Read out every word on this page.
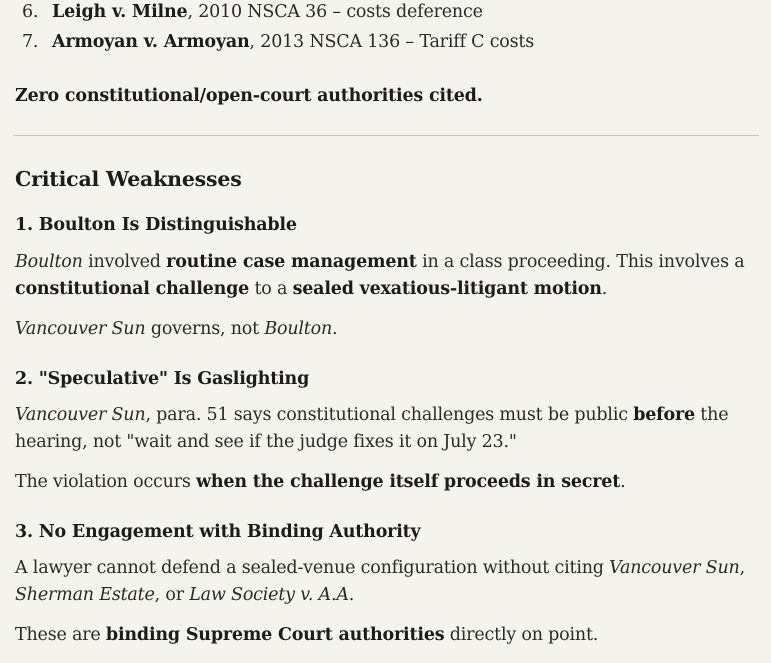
6. Leigh v. Milne, 2010 NSCA 36 – costs deference
7. Armoyan v. Armoyan, 2013 NSCA 136 – Tariff C costs
Zero constitutional/open-court authorities cited.
Critical Weaknesses
1. Boulton Is Distinguishable
Boulton involved routine case management in a class proceeding. This involves a
constitutional challenge to a sealed vexatious-litigant motion.
Vancouver Sun governs, not Boulton.
2. "Speculative" Is Gaslighting
Vancouver Sun, para. 51 says constitutional challenges must be public before the
hearing, not "wait and see if the judge fixes it on July 23."
The violation occurs when the challenge itself proceeds in secret.
3. No Engagement with Binding Authority
A lawyer cannot defend a sealed-venue configuration without citing Vancouver Sun,
Sherman Estate, or Law Society v. A.A.
These are binding Supreme Court authorities directly on point.
